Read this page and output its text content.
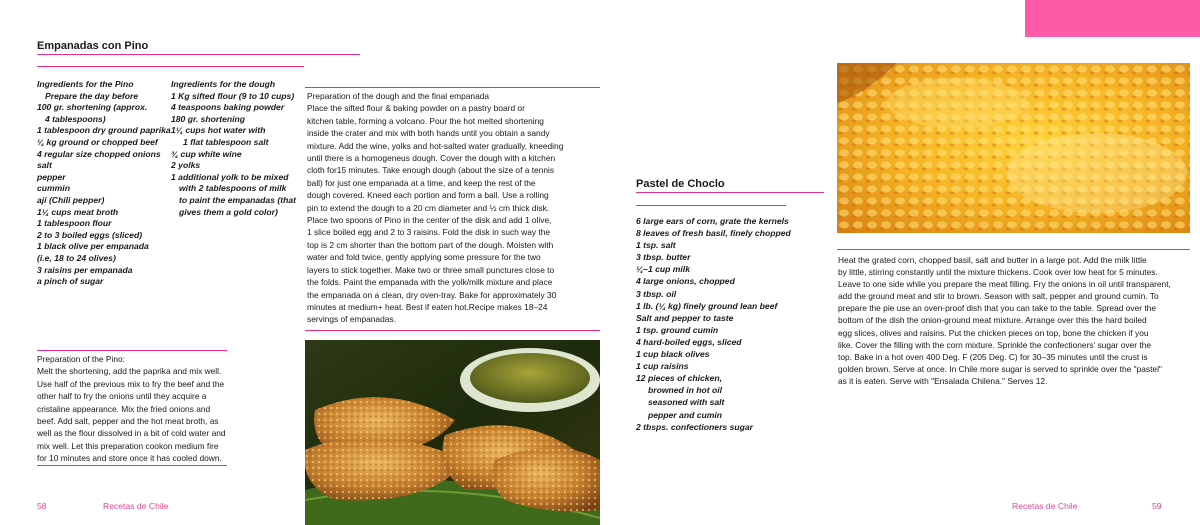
Empanadas con Pino
Ingredients for the Pino
Prepare the day before
100 gr. shortening (approx.
4 tablespoons)
1 tablespoon dry ground paprika
¼ kg ground or chopped beef
4 regular size chopped onions
salt
pepper
cummin
ají (Chili pepper)
1¼ cups meat broth
1 tablespoon flour
2 to 3 boiled eggs (sliced)
1 black olive per empanada
(i.e, 18 to 24 olives)
3 raisins per empanada
a pinch of sugar
Ingredients for the dough
1 Kg sifted flour (9 to 10 cups)
4 teaspoons baking powder
180 gr. shortening
1¼ cups hot water with
1 flat tablespoon salt
¾ cup white wine
2 yolks
1 additional yolk to be mixed
with 2 tablespoons of milk
to paint the empanadas (that
gives them a gold color)
Preparation of the Pino:
Melt the shortening, add the paprika and mix well.
Use half of the previous mix to fry the beef and the
other half to fry the onions until they acquire a
cristaline appearance. Mix the fried onions and
beef. Add salt, pepper and the hot meat broth, as
well as the flour dissolved in a bit of cold water and
mix well. Let this preparation cookon medium fire
for 10 minutes and store once it has cooled down.
Preparation of the dough and the final empanada
Place the sifted flour & baking powder on a pastry board or
kitchen table, forming a volcano. Pour the hot melted shortening
inside the crater and mix with both hands until you obtain a sandy
mixture. Add the wine, yolks and hot-salted water gradually, kneeding
until there is a homogeneus dough. Cover the dough with a kitchen
cloth for15 minutes. Take enough dough (about the size of a tennis
ball) for just one empanada at a time, and keep the rest of the
dough covered. Kneed each portion and form a ball. Use a rolling
pin to extend the dough to a 20 cm diameter and ½ cm thick disk.
Place two spoons of Pino in the center of the disk and add 1 olive,
1 slice boiled egg and 2 to 3 raisins. Fold the disk in such way the
top is 2 cm shorter than the bottom part of the dough. Moisten with
water and fold twice, gently applying some pressure for the two
layers to stick together. Make two or three small punctures close to
the folds. Paint the empanada with the yolk/milk mixture and place
the empanada on a clean, dry oven-tray. Bake for approximately 30
minutes at medium+ heat. Best if eaten hot.Recipe makes 18–24
servings of empanadas.
58	Recetas de Chile
Pastel de Choclo
6 large ears of corn, grate the kernels
8 leaves of fresh basil, finely chopped
1 tsp. salt
3 tbsp. butter
¼–1 cup milk
4 large onions, chopped
3 tbsp. oil
1 lb. (¼ kg) finely ground lean beef
Salt and pepper to taste
1 tsp. ground cumin
4 hard-boiled eggs, sliced
1 cup black olives
1 cup raisins
12 pieces of chicken,
browned in hot oil
seasoned with salt
pepper and cumin
2 tbsps. confectioners sugar
Heat the grated corn, chopped basil, salt and butter in a large pot. Add the milk little
by little, stirring constantly until the mixture thickens. Cook over low heat for 5 minutes.
Leave to one side while you prepare the meat filling. Fry the onions in oil until transparent,
add the ground meat and stir to brown. Season with salt, pepper and ground cumin. To
prepare the pie use an oven-proof dish that you can take to the table. Spread over the
bottom of the dish the onion-ground meat mixture. Arrange over this the hard boiled
egg slices, olives and raisins. Put the chicken pieces on top, bone the chicken if you
like. Cover the filling with the corn mixture. Sprinkle the confectioners' sugar over the
top. Bake in a hot oven 400 Deg. F (205 Deg. C) for 30–35 minutes until the crust is
golden brown. Serve at once. In Chile more sugar is served to sprinkle over the "pastel"
as it is eaten. Serve with "Ensalada Chilena." Serves 12.
Recetas de Chile	59
